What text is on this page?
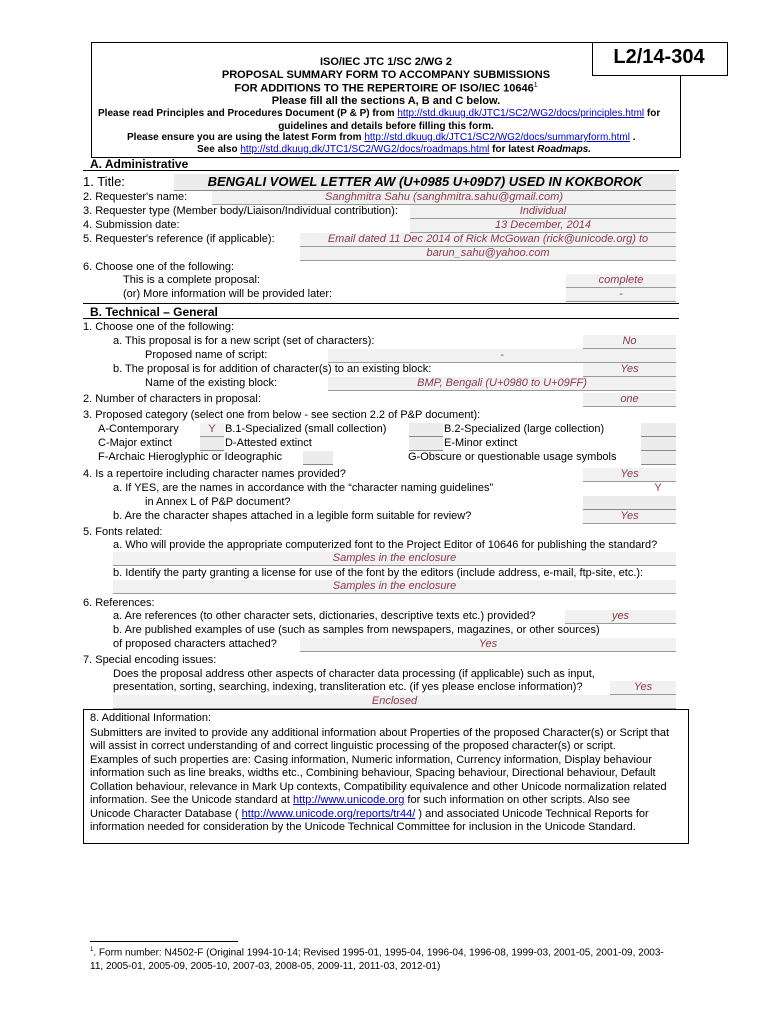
L2/14-304
ISO/IEC JTC 1/SC 2/WG 2
PROPOSAL SUMMARY FORM TO ACCOMPANY SUBMISSIONS
FOR ADDITIONS TO THE REPERTOIRE OF ISO/IEC 10646$^1$
Please fill all the sections A, B and C below.
Please read Principles and Procedures Document (P & P) from http://std.dkuug.dk/JTC1/SC2/WG2/docs/principles.html for
guidelines and details before filling this form.
Please ensure you are using the latest Form from http://std.dkuug.dk/JTC1/SC2/WG2/docs/summaryform.html .
See also http://std.dkuug.dk/JTC1/SC2/WG2/docs/roadmaps.html for latest Roadmaps.
A. Administrative
1. Title:	BENGALI VOWEL LETTER AW (U+0985 U+09D7) USED IN KOKBOROK
2. Requester's name:	Sanghmitra Sahu (sanghmitra.sahu@gmail.com)
3. Requester type (Member body/Liaison/Individual contribution):	Individual
4. Submission date:	13 December, 2014
5. Requester's reference (if applicable):	Email dated 11 Dec 2014 of Rick McGowan (rick@unicode.org) to
barun_sahu@yahoo.com
6. Choose one of the following:
This is a complete proposal:	complete
(or) More information will be provided later:	-
B. Technical – General
1. Choose one of the following:
a. This proposal is for a new script (set of characters):	No
Proposed name of script:	-
b. The proposal is for addition of character(s) to an existing block:	Yes
Name of the existing block:	BMP, Bengali (U+0980 to U+09FF)
2. Number of characters in proposal:	one
3. Proposed category (select one from below - see section 2.2 of P&P document):
A-Contemporary	Y B.1-Specialized (small collection)	B.2-Specialized (large collection)
C-Major extinct	D-Attested extinct	E-Minor extinct
F-Archaic Hieroglyphic or Ideographic	G-Obscure or questionable usage symbols
4. Is a repertoire including character names provided?	Yes
a. If YES, are the names in accordance with the “character naming guidelines”	Y
in Annex L of P&P document?
b. Are the character shapes attached in a legible form suitable for review?	Yes
5. Fonts related:
a. Who will provide the appropriate computerized font to the Project Editor of 10646 for publishing the standard?
Samples in the enclosure
b. Identify the party granting a license for use of the font by the editors (include address, e-mail, ftp-site, etc.):
Samples in the enclosure
6. References:
a. Are references (to other character sets, dictionaries, descriptive texts etc.) provided?	yes
b. Are published examples of use (such as samples from newspapers, magazines, or other sources)
of proposed characters attached?	Yes
7. Special encoding issues:
Does the proposal address other aspects of character data processing (if applicable) such as input,
presentation, sorting, searching, indexing, transliteration etc. (if yes please enclose information)?	Yes
Enclosed
8. Additional Information:
Submitters are invited to provide any additional information about Properties of the proposed Character(s) or Script that
will assist in correct understanding of and correct linguistic processing of the proposed character(s) or script.
Examples of such properties are: Casing information, Numeric information, Currency information, Display behaviour
information such as line breaks, widths etc., Combining behaviour, Spacing behaviour, Directional behaviour, Default
Collation behaviour, relevance in Mark Up contexts, Compatibility equivalence and other Unicode normalization related
information. See the Unicode standard at http://www.unicode.org for such information on other scripts. Also see
Unicode Character Database ( http://www.unicode.org/reports/tr44/ ) and associated Unicode Technical Reports for
information needed for consideration by the Unicode Technical Committee for inclusion in the Unicode Standard.
$^1$. Form number: N4502-F (Original 1994-10-14; Revised 1995-01, 1995-04, 1996-04, 1996-08, 1999-03, 2001-05, 2001-09, 2003-
11, 2005-01, 2005-09, 2005-10, 2007-03, 2008-05, 2009-11, 2011-03, 2012-01)
